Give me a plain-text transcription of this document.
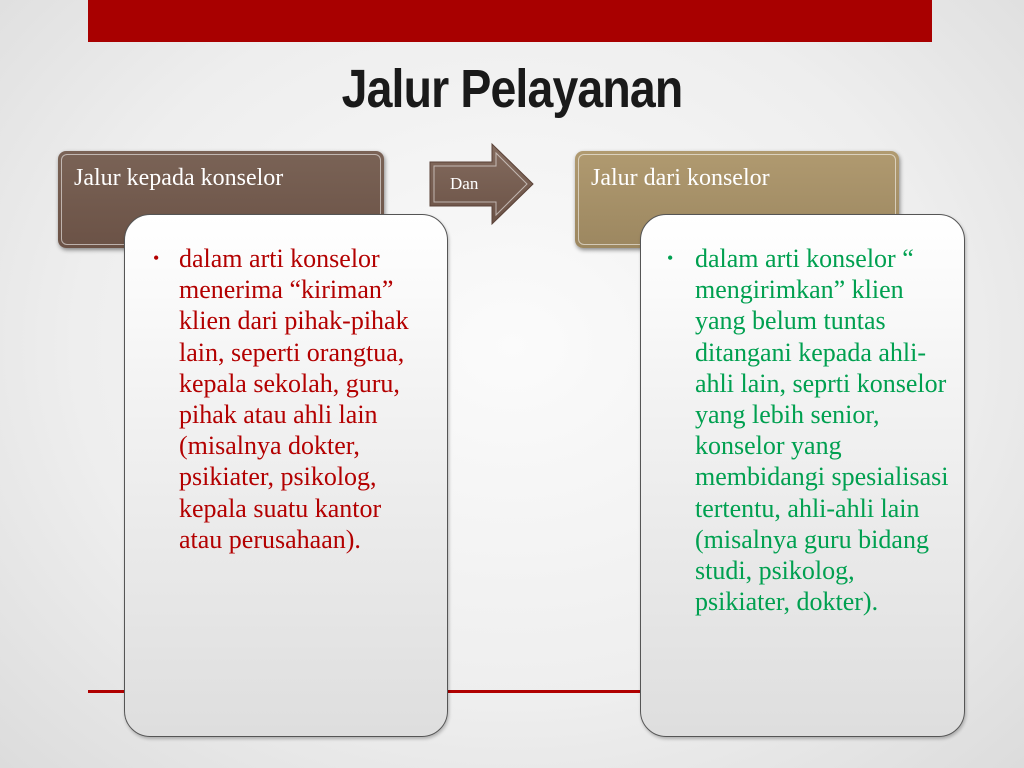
Jalur Pelayanan
Jalur kepada konselor	Dan	Jalur dari konselor
• dalam arti konselor menerima “kiriman” klien dari pihak-pihak lain, seperti orangtua, kepala sekolah, guru, pihak atau ahli lain (misalnya dokter, psikiater, psikolog, kepala suatu kantor atau perusahaan).
• dalam arti konselor “ mengirimkan” klien yang belum tuntas ditangani kepada ahli-ahli lain, seprti konselor yang lebih senior, konselor yang membidangi spesialisasi tertentu, ahli-ahli lain (misalnya guru bidang studi, psikolog, psikiater, dokter).
